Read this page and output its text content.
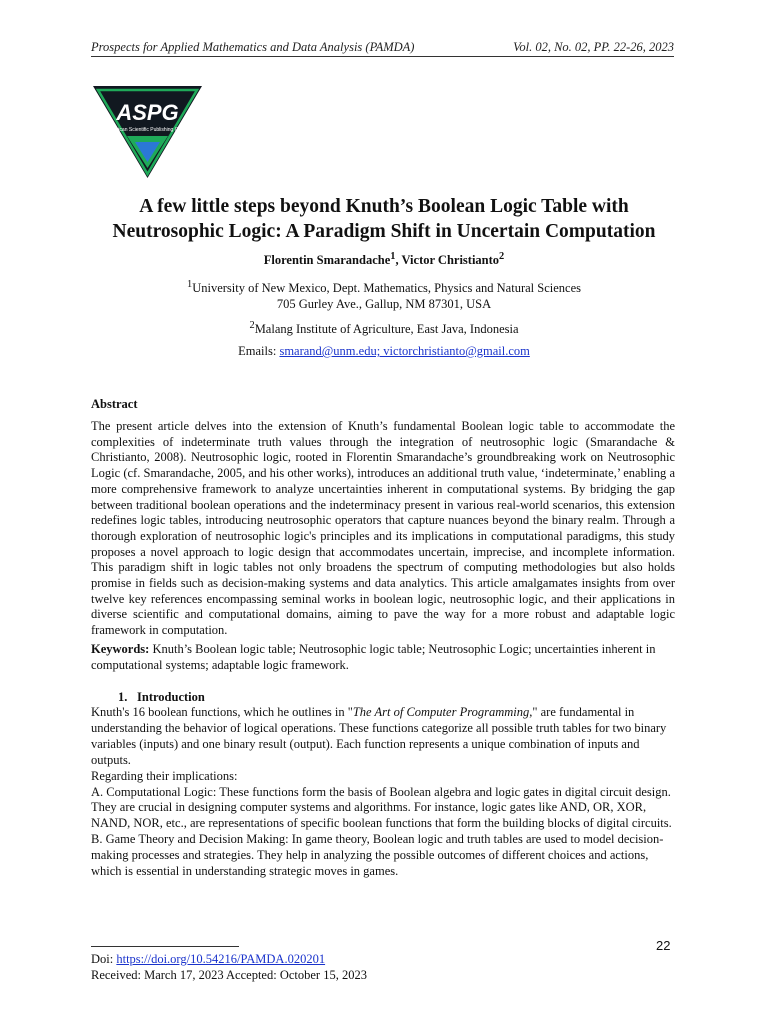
Prospects for Applied Mathematics and Data Analysis (PAMDA)	Vol. 02, No. 02, PP. 22-26, 2023
ASPG
American Scientific Publishing Group
A few little steps beyond Knuth’s Boolean Logic Table with
Neutrosophic Logic: A Paradigm Shift in Uncertain Computation
Florentin Smarandache$^1$, Victor Christianto$^2$
$^1$University of New Mexico, Dept. Mathematics, Physics and Natural Sciences
705 Gurley Ave., Gallup, NM 87301, USA
$^2$Malang Institute of Agriculture, East Java, Indonesia
Emails: smarand@unm.edu; victorchristianto@gmail.com
Abstract
The present article delves into the extension of Knuth’s fundamental Boolean logic table to accommodate the complexities of indeterminate truth values through the integration of neutrosophic logic (Smarandache & Christianto, 2008). Neutrosophic logic, rooted in Florentin Smarandache’s groundbreaking work on Neutrosophic Logic (cf. Smarandache, 2005, and his other works), introduces an additional truth value, ‘indeterminate,’ enabling a more comprehensive framework to analyze uncertainties inherent in computational systems. By bridging the gap between traditional boolean operations and the indeterminacy present in various real-world scenarios, this extension redefines logic tables, introducing neutrosophic operators that capture nuances beyond the binary realm. Through a thorough exploration of neutrosophic logic's principles and its implications in computational paradigms, this study proposes a novel approach to logic design that accommodates uncertain, imprecise, and incomplete information. This paradigm shift in logic tables not only broadens the spectrum of computing methodologies but also holds promise in fields such as decision-making systems and data analytics. This article amalgamates insights from over twelve key references encompassing seminal works in boolean logic, neutrosophic logic, and their applications in diverse scientific and computational domains, aiming to pave the way for a more robust and adaptable logic framework in computation.
Keywords: Knuth’s Boolean logic table; Neutrosophic logic table; Neutrosophic Logic; uncertainties inherent in computational systems; adaptable logic framework.
1. Introduction

Knuth's 16 boolean functions, which he outlines in "The Art of Computer Programming," are fundamental in understanding the behavior of logical operations. These functions categorize all possible truth tables for two binary variables (inputs) and one binary result (output). Each function represents a unique combination of inputs and outputs.

Regarding their implications:

A. Computational Logic: These functions form the basis of Boolean algebra and logic gates in digital circuit design. They are crucial in designing computer systems and algorithms. For instance, logic gates like AND, OR, XOR, NAND, NOR, etc., are representations of specific boolean functions that form the building blocks of digital circuits.

B. Game Theory and Decision Making: In game theory, Boolean logic and truth tables are used to model decision-making processes and strategies. They help in analyzing the possible outcomes of different choices and actions, which is essential in understanding strategic moves in games.

22
Doi: https://doi.org/10.54216/PAMDA.020201
Received: March 17, 2023 Accepted: October 15, 2023
